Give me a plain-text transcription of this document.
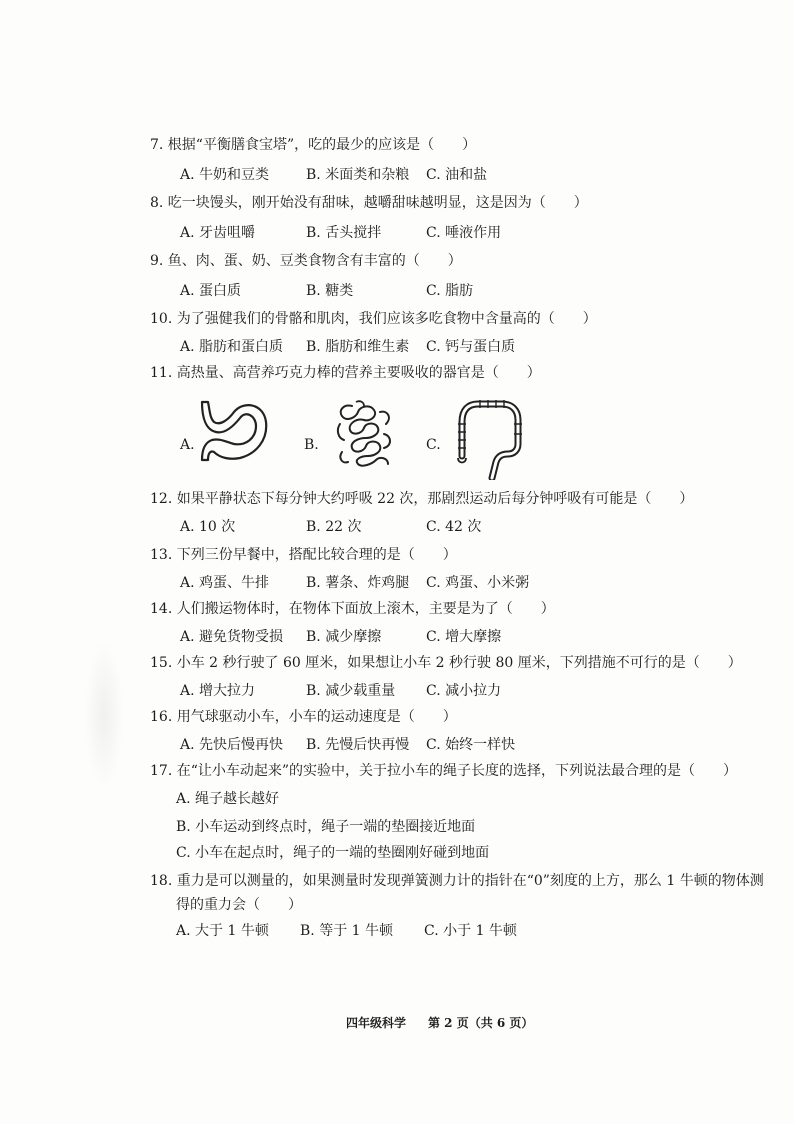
7. 根据“平衡膳食宝塔”，吃的最少的应该是（　　）
A. 牛奶和豆类	B. 米面类和杂粮 C. 油和盐
8. 吃一块馒头，刚开始没有甜味，越嚼甜味越明显，这是因为（　　）
A. 牙齿咀嚼	B. 舌头搅拌	C. 唾液作用
9. 鱼、肉、蛋、奶、豆类食物含有丰富的（　　）
A. 蛋白质	B. 糖类	C. 脂肪
10. 为了强健我们的骨骼和肌肉，我们应该多吃食物中含量高的（　　）
A. 脂肪和蛋白质 B. 脂肪和维生素 C. 钙与蛋白质
11. 高热量、高营养巧克力棒的营养主要吸收的器官是（　　）
A.	B.	C.
12. 如果平静状态下每分钟大约呼吸 22 次，那剧烈运动后每分钟呼吸有可能是（　　）
A. 10 次	B. 22 次	C. 42 次
13. 下列三份早餐中，搭配比较合理的是（　　）
A. 鸡蛋、牛排	B. 薯条、炸鸡腿 C. 鸡蛋、小米粥
14. 人们搬运物体时，在物体下面放上滚木，主要是为了（　　）
A. 避免货物受损 B. 减少摩擦	C. 增大摩擦
15. 小车 2 秒行驶了 60 厘米，如果想让小车 2 秒行驶 80 厘米，下列措施不可行的是（　　）
A. 增大拉力	B. 减少载重量 C. 减小拉力
16. 用气球驱动小车，小车的运动速度是（　　）
A. 先快后慢再快 B. 先慢后快再慢 C. 始终一样快
17. 在“让小车动起来”的实验中，关于拉小车的绳子长度的选择，下列说法最合理的是（　　）
A. 绳子越长越好
B. 小车运动到终点时，绳子一端的垫圈接近地面
C. 小车在起点时，绳子的一端的垫圈刚好碰到地面
18. 重力是可以测量的，如果测量时发现弹簧测力计的指针在“0”刻度的上方，那么 1 牛顿的物体测
得的重力会（　　）
A. 大于 1 牛顿 B. 等于 1 牛顿 C. 小于 1 牛顿
四年级科学 第 2 页（共 6 页）
